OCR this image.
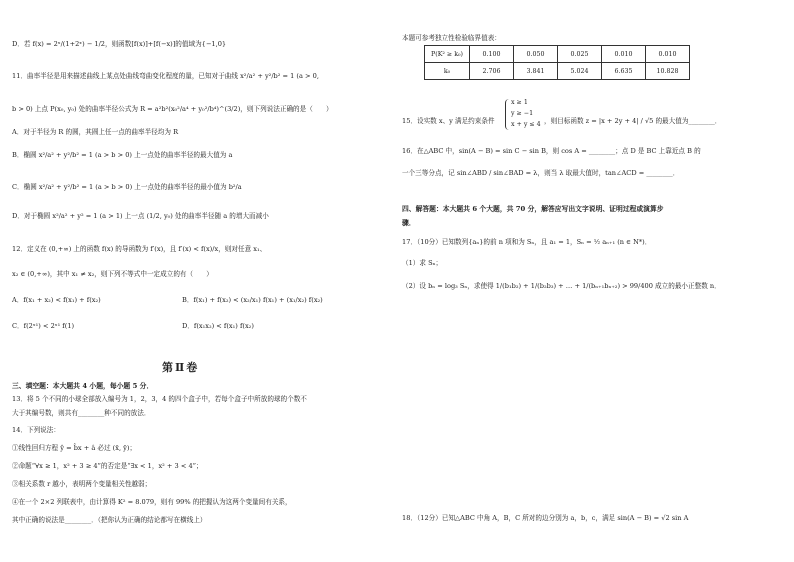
D．若 f(x) = 2ˣ/(1+2ˣ) − 1/2，则函数[f(x)]+[f(−x)]的值域为{−1,0}
11．曲率半径是用来描述曲线上某点处曲线弯曲变化程度的量，已知对于曲线 x²/a² + y²/b² = 1 (a > 0,
b > 0) 上点 P(x₀, y₀) 处的曲率半径公式为 R = a²b²(x₀²/a⁴ + y₀²/b⁴)^(3/2)，则下列说法正确的是（　　）
A．对于半径为 R 的圆，其圆上任一点的曲率半径均为 R
B．椭圆 x²/a² + y²/b² = 1 (a > b > 0) 上一点处的曲率半径的最大值为 a
C．椭圆 x²/a² + y²/b² = 1 (a > b > 0) 上一点处的曲率半径的最小值为 b²/a
D．对于椭圆 x²/a² + y² = 1 (a > 1) 上一点 (1/2, y₀) 处的曲率半径随 a 的增大而减小
12．定义在 (0,+∞) 上的函数 f(x) 的导函数为 f′(x)，且 f′(x) < f(x)/x，则对任意 x₁、
x₂ ∈ (0,+∞)，其中 x₁ ≠ x₂，则下列不等式中一定成立的有（　　）
A．f(x₁ + x₂) < f(x₁) + f(x₂)	B．f(x₁) + f(x₂) < (x₂/x₁) f(x₁) + (x₁/x₂) f(x₂)
C．f(2ˣ¹) < 2ˣ¹ f(1)	D．f(x₁x₂) < f(x₁) f(x₂)
第Ⅱ卷
三、填空题：本大题共 4 小题，每小题 5 分．
13．将 5 个不同的小球全部放入编号为 1，2，3，4 的四个盒子中，若每个盒子中所放的球的个数不
大于其编号数，则共有________种不同的放法．
14．下列说法：
①线性回归方程 ŷ = b̂x + â 必过 (x̄, ȳ)；
②命题“∀x ≥ 1，x² + 3 ≥ 4”的否定是“∃x < 1，x² + 3 < 4”；
③相关系数 r 越小，表明两个变量相关性越弱；
④在一个 2×2 列联表中，由计算得 K² = 8.079，则有 99% 的把握认为这两个变量间有关系，
其中正确的说法是________．（把你认为正确的结论都写在横线上）
本题可参考独立性检验临界值表：
P(K² ≥ k₀)	0.100	0.050	0.025	0.010	0.010
k₀	2.706	3.841	5.024	6.635	10.828
15．设实数 x、y 满足约束条件
x ≥ 1
y ≥ −1
x + y ≤ 4 ，则目标函数 z = |x + 2y + 4| / √5 的最大值为________．
16．在△ABC 中，sin(A − B) = sin C − sin B，则 cos A = ________；点 D 是 BC 上靠近点 B 的
一个三等分点，记 sin∠ABD / sin∠BAD = λ，则当 λ 取最大值时，tan∠ACD = ________．
四、解答题：本大题共 6 个大题，共 70 分，解答应写出文字说明、证明过程或演算步
骤．
17．（10分）已知数列{aₙ}的前 n 项和为 Sₙ，且 a₁ = 1，Sₙ = ½ aₙ₊₁ (n ∈ N*)．
（1）求 Sₙ；
（2）设 bₙ = log₃ Sₙ，求使得 1/(b₁b₂) + 1/(b₂b₃) + … + 1/(bₙ₊₁bₙ₊₂) > 99/400 成立的最小正整数 n．
18．（12分）已知△ABC 中角 A，B，C 所对的边分别为 a，b，c，满足 sin(A − B) = √2 sin A
